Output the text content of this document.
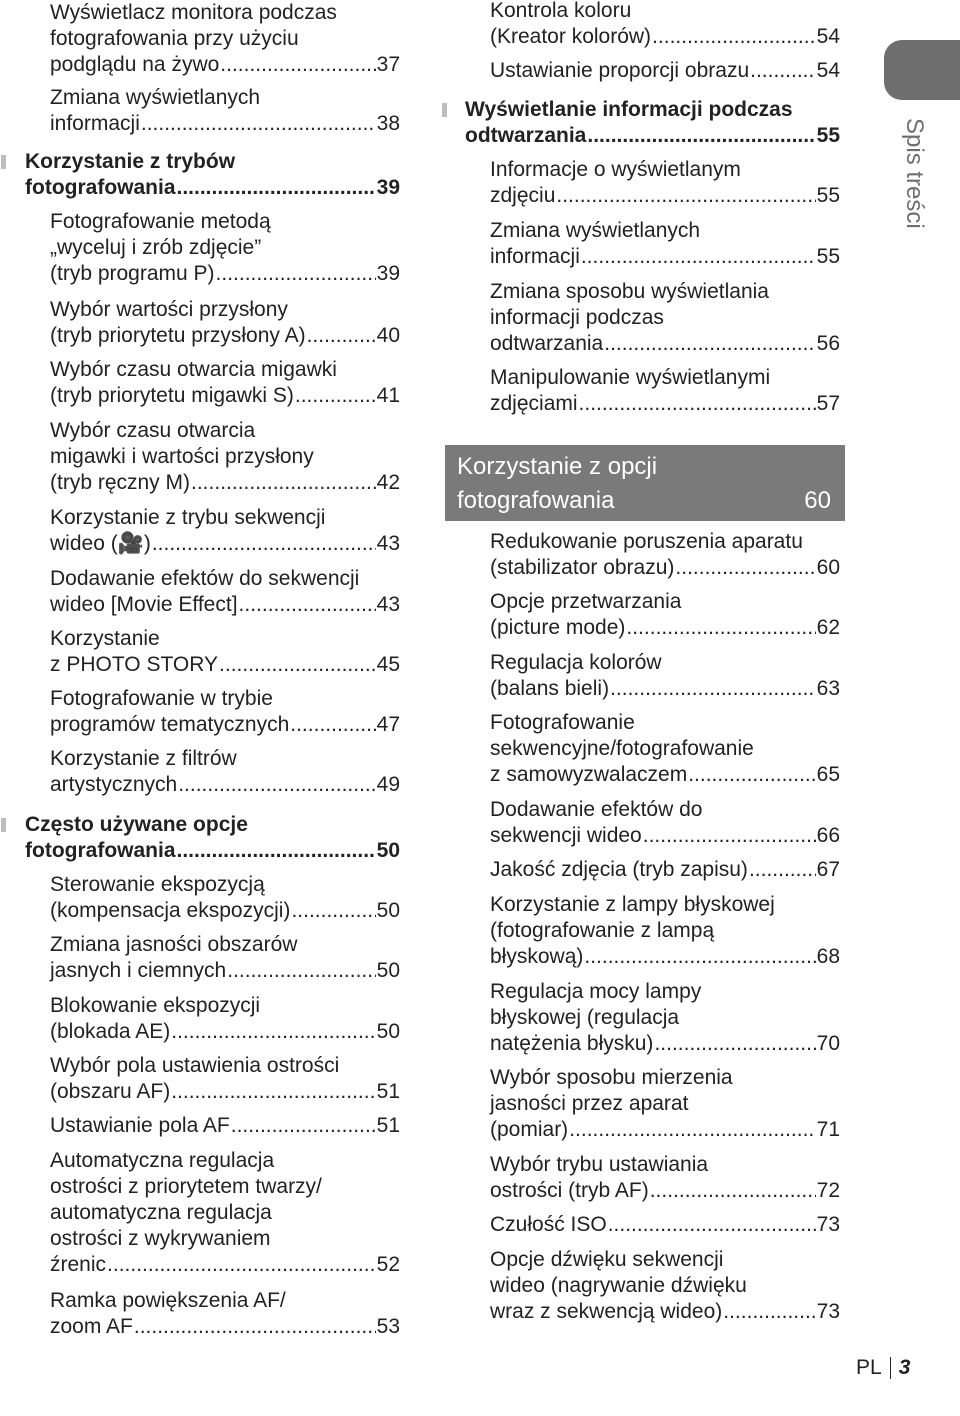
Wyświetlacz monitora podczas
fotografowania przy użyciu
podglądu na żywo .....	37
Zmiana wyświetlanych
informacji .....	38
Korzystanie z trybów
fotografowania .....	39
Fotografowanie metodą
„wyceluj i zrób zdjęcie”
(tryb programu P) .....	39
Wybór wartości przysłony
(tryb priorytetu przysłony A) .....	40
Wybór czasu otwarcia migawki
(tryb priorytetu migawki S) .....	41
Wybór czasu otwarcia
migawki i wartości przysłony
(tryb ręczny M) .....	42
Korzystanie z trybu sekwencji
wideo (🎥) .....	43
Dodawanie efektów do sekwencji
wideo [Movie Effect] .....	43
Korzystanie
z PHOTO STORY .....	45
Fotografowanie w trybie
programów tematycznych .....	47
Korzystanie z filtrów
artystycznych .....	49
Często używane opcje
fotografowania .....	50
Sterowanie ekspozycją
(kompensacja ekspozycji) .....	50
Zmiana jasności obszarów
jasnych i ciemnych .....	50
Blokowanie ekspozycji
(blokada AE) .....	50
Wybór pola ustawienia ostrości
(obszaru AF) .....	51
Ustawianie pola AF .....	51
Automatyczna regulacja
ostrości z priorytetem twarzy/
automatyczna regulacja
ostrości z wykrywaniem
źrenic .....	52
Ramka powiększenia AF/
zoom AF .....	53
Kontrola koloru
(Kreator kolorów) .....	54
Ustawianie proporcji obrazu .....	54
Wyświetlanie informacji podczas
odtwarzania .....	55
Informacje o wyświetlanym
zdjęciu .....	55
Zmiana wyświetlanych
informacji .....	55
Zmiana sposobu wyświetlania
informacji podczas
odtwarzania .....	56
Manipulowanie wyświetlanymi
zdjęciami .....	57
Redukowanie poruszenia aparatu
(stabilizator obrazu) .....	60
Opcje przetwarzania
(picture mode) .....	62
Regulacja kolorów
(balans bieli) .....	63
Fotografowanie
sekwencyjne/fotografowanie
z samowyzwalaczem .....	65
Dodawanie efektów do
sekwencji wideo .....	66
Jakość zdjęcia (tryb zapisu) .....	67
Korzystanie z lampy błyskowej
(fotografowanie z lampą
błyskową) .....	68
Regulacja mocy lampy
błyskowej (regulacja
natężenia błysku) .....	70
Wybór sposobu mierzenia
jasności przez aparat
(pomiar) .....	71
Wybór trybu ustawiania
ostrości (tryb AF) .....	72
Czułość ISO .....	73
Opcje dźwięku sekwencji
wideo (nagrywanie dźwięku
wraz z sekwencją wideo) .....	73
Korzystanie z opcji
fotografowania	60
Spis treści
PL 3
